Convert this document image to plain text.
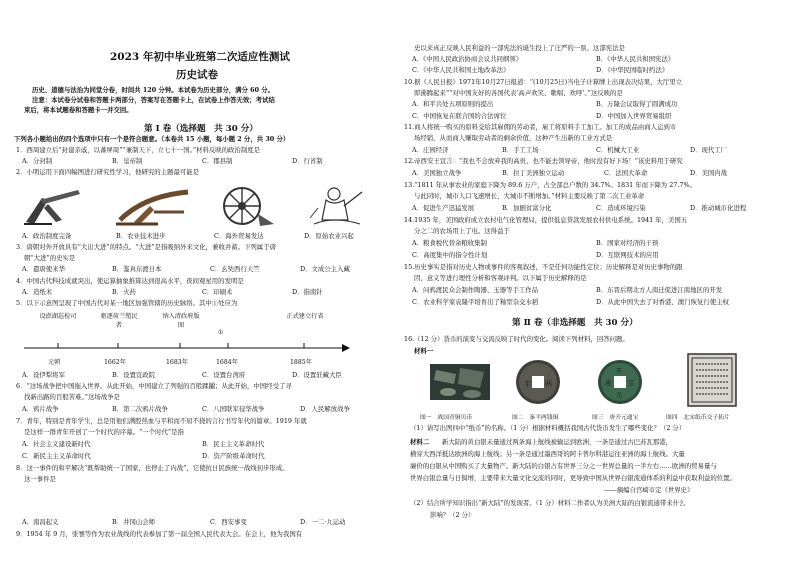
2023 年初中毕业班第二次适应性测试
历史试卷
历史、道德与法治为同堂分卷，时间共 120 分钟。本试卷为历史部分，满分 60 分。
注意：本试卷分试卷和答题卡两部分，答案写在答题卡上，在试卷上作答无效；考试结
束后，将本试题卷和答题卡一并交回。
第 Ⅰ 卷（选择题　共 30 分）
下列各小题给出的四个选项中只有一个是符合题意。（本卷共 15 小题，每小题 2 分，共 30 分）
1．西周建立后“封建亲戚，以蕃屏周”“兼制天下，立七十一国。”材料反映的政治制度是
A．分封制	B．皇帝制	C．郡县制	D．行省制
2．小明运用下面四幅图进行研究性学习，他研究的主题最可能是
A．政治制度完备	B．农业技术进步	C．海外贸易发达	D．原始农业兴起
3．唐朝对外开放具有“大出大进”的特点。“大进”是指吸纳外来文化，兼收并蓄。下列属于唐
朝“大进”的史实是
A．遣唐使来华	B．鉴真东渡日本	C．玄奘西行天竺	D．文成公主入藏
4．中国古代科技成就突出，使运算抽象推算达到很高水平，夜间观星用的发明是
A．造纸术	B．火药	C．印刷术	D．指南针
5．以下示意图呈现了中国古代对某一地区加强管辖的历史脉络。其中①处应为
设澎湖巡检司	驱逐荷兰殖民者
纳入清政府版图
①
正式建立行省
元朝	1662年	1683年	1684年	1885年
A．设伊犁将军	B．设置宣政院	C．设置台湾府	D．设置驻藏大臣
6．“这场战争把中国拖入世界。从此开始，中国建立了列强的百般蹂躏；从此开始，中国经受了寻
找新出路的百般苦难。”这场战争是
A．鸦片战争	B．第二次鸦片战争	C．八国联军侵华战争	D．人民解放战争
7．青年，特别是青年学生，总是用他们满腔热血与平和而不屈不挠的言行书写年代的篇章。1919 年就
是这样一群青年开创了一个时代的序幕。“一个时代”是指
A．社会主义建设新时代	B．民主主义革命时代
C．新民主主义革命时代	D．资产阶级革命时代
8．这一事件的和平解决“既帮助统一了国家，也停止了内战”，它使抗日民族统一战线初步形成。
这一事件是
A．南昌起义	B．井冈山会师	C．西安事变	D．一二·九运动
9．1954 年 9 月，张謇等作为农业战线的代表参加了第一届全国人民代表大会。在会上，他为我国有
史以来真正反映人民利益的一部宪法的诞生投上了庄严的一票。这部宪法是
A．《中国人民政治协商会议共同纲领》	B．《中华人民共和国宪法》
C．《中华人民共和国土地改革法》	D．《中华民国临时约法》
10.据《人民日报》1971年10月27日报道：“(10月25日)当电子计算牌上出现表决结果，大厅里立
即沸腾起来”“对中国友好的各国代表‘高声欢笑、歌唱、欢呼’。”这反映的是
A．和平共处五项原则的提出	B．万隆会议取得了圆满成功
C．中国恢复在联合国的合法席位	D．中国加入世界贸易组织
11.商人将统一购买的原料交给其雇佣的劳动者，雇工将原料手工加工。加工的成品由商人运到市
场经销，从而商人赚取劳动者的剩余价值，这种产生出新的工业方式是
A．庄园经济	B．手工工场	C．机械大工业	D．现代工厂
12.帝西安王宣言：“我也不会放弃我的高贵，也不能去领导帝，他时没有好下场！”该史料用于研究
A．美国独立战争	B．拉丁美洲独立运动	C．法国大革命	D．美国内战
13.“1811 年从事农业的家庭下降为 89.6 万户，占全部总户数的 34.7%。1831 年而下降为 27.7%。
与此同时，城市人口飞速增长，大城市不断增加。”材料主要反映了第二次工业革命
A．促进生产迅猛发展	B．加剧贫富分化	C．造成环境污染	D．推动城市化进程
14.1935 年，美国政府成立农村电气化管理局，提供低息贷款发展农村供电系统。1941 年，美国五
分之二的农场用上了电。这得益于
A．粮食税代替余粮收集制	B．国家对经济的干预
C．高度集中的指令性计划	D．互联网技术的应用
15.历史事实是指对历史人物或事件的客观叙述，不是任何功能性定位；历史解释是对历史事物的跟
因、意义等进行理性分析和客观评判。以下属于历史解释的是
A．问鸦渡民众会制作陶器、玉器等手工作品	B．东晋后期北方人南迁促进江南地区的开发
C．农业科学家袁隆平培育出了籼型杂交水稻	D．从此中国失去了对香港、澳门恢复行使主权
第 Ⅱ 卷（非选择题　共 30 分）
16.（12 分）货币的演变与交流反映了时代的变化。阅读下列材料，回答问题。
材料一
半 两
开
元
通	宝
图一　战国青铜贝币	图二　秦半两钱铜	图三　唐开元通宝	图四　北宋纸币交子拓片
（1）请写出图四中“纸币”的名称。（1 分）根据材料概括我国古代货币发生了哪些变化？（2 分）
材料二 新大陆的黄白银未量通过两条海上航线被输运到欧洲，一条是通过古巴苏瓦那港，
横穿大西洋抵达欧洲的海上航线；另一条是通过墨西哥的阿卡普尔科港运往亚洲的海上航线。大量
廉价的白银从中国购买了大量物产。新大陆的白银占有世界三分之一世界总量的一半左右……欧洲的贸易量与
世界白银总量与日俱增，主要带来大量文化交流的同时，更导致中国从世界白银流通体系的利益中获取利益的位置。
——摘编自宫崎市定《世界史》
（2）结合所学知识指出“新大陆”的发现者。（1 分）材料二作者认为美洲大陆的白银流通带来什么
影响？（2 分）
